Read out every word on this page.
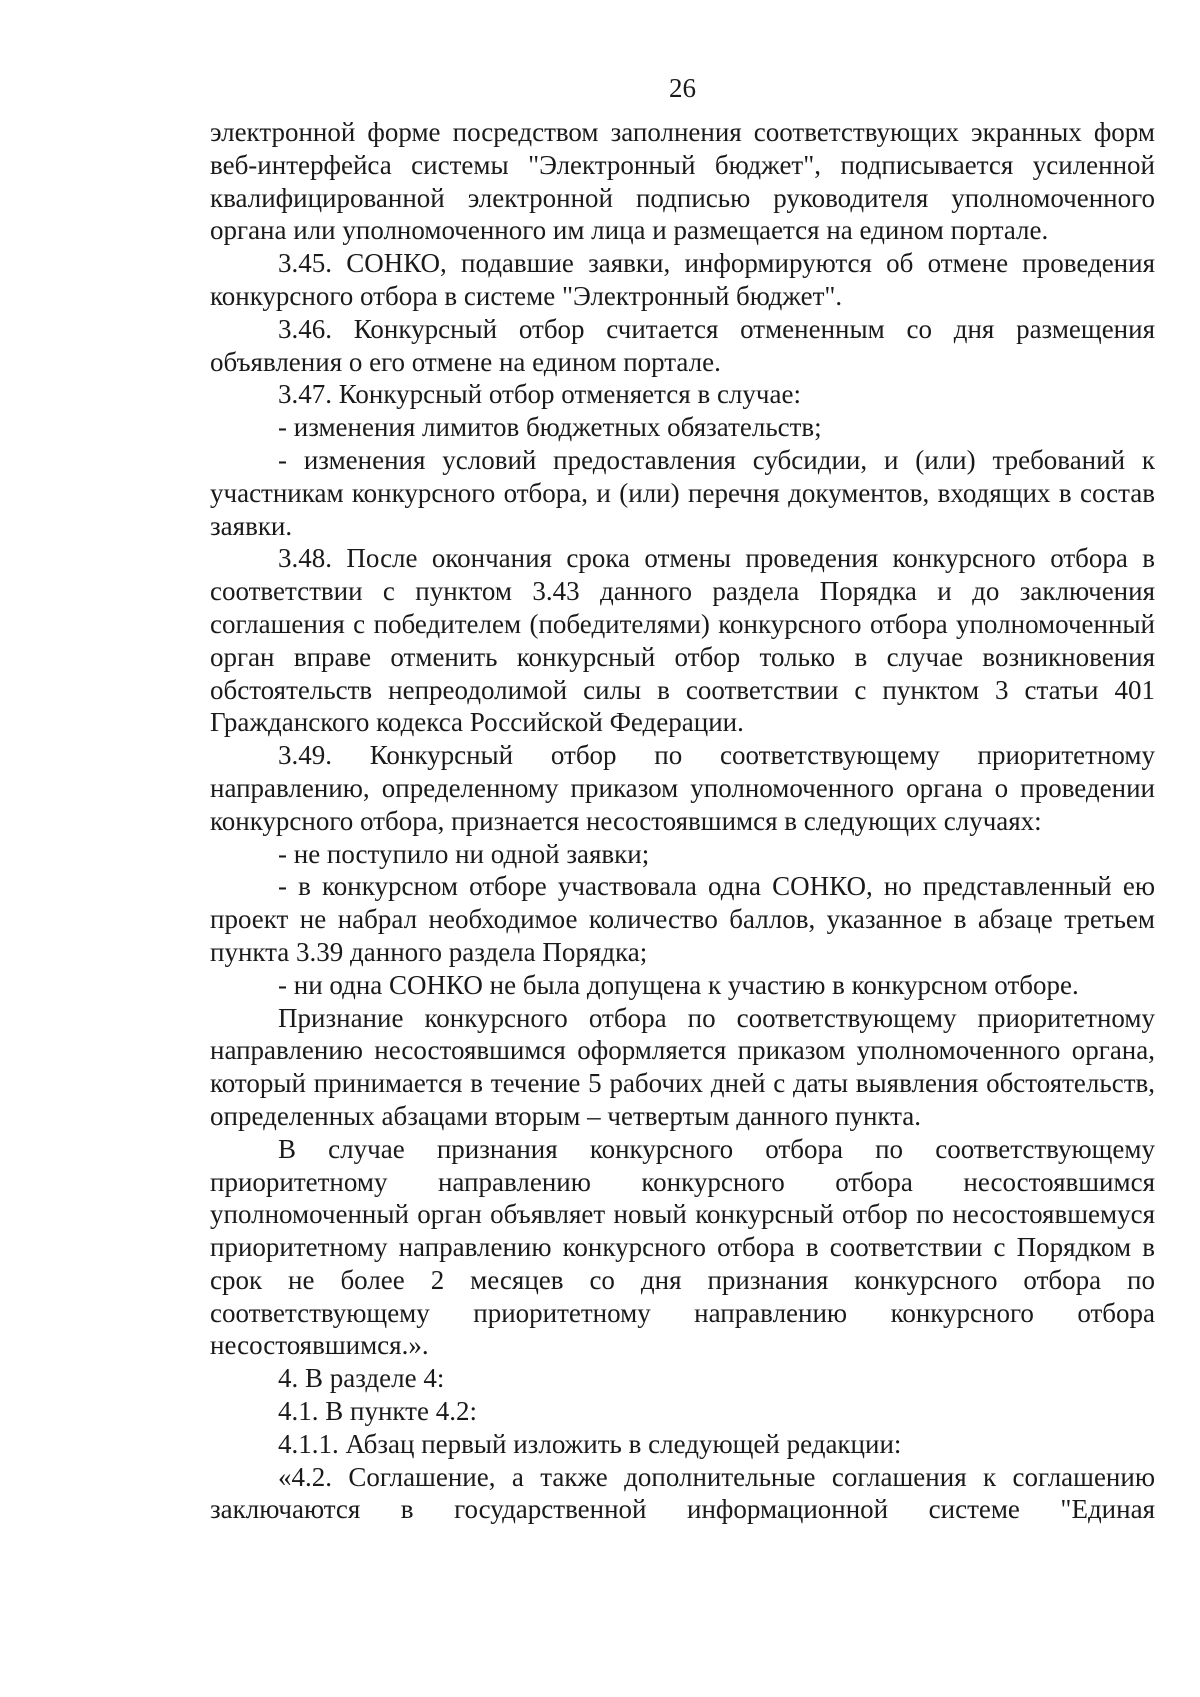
26

электронной форме посредством заполнения соответствующих экранных форм веб-интерфейса системы "Электронный бюджет", подписывается усиленной квалифицированной электронной подписью руководителя уполномоченного органа или уполномоченного им лица и размещается на едином портале.

3.45. СОНКО, подавшие заявки, информируются об отмене проведения конкурсного отбора в системе "Электронный бюджет".

3.46. Конкурсный отбор считается отмененным со дня размещения объявления о его отмене на едином портале.

3.47. Конкурсный отбор отменяется в случае:

- изменения лимитов бюджетных обязательств;

- изменения условий предоставления субсидии, и (или) требований к участникам конкурсного отбора, и (или) перечня документов, входящих в состав заявки.

3.48. После окончания срока отмены проведения конкурсного отбора в соответствии с пунктом 3.43 данного раздела Порядка и до заключения соглашения с победителем (победителями) конкурсного отбора уполномоченный орган вправе отменить конкурсный отбор только в случае возникновения обстоятельств непреодолимой силы в соответствии с пунктом 3 статьи 401 Гражданского кодекса Российской Федерации.

3.49. Конкурсный отбор по соответствующему приоритетному направлению, определенному приказом уполномоченного органа о проведении конкурсного отбора, признается несостоявшимся в следующих случаях:

- не поступило ни одной заявки;

- в конкурсном отборе участвовала одна СОНКО, но представленный ею проект не набрал необходимое количество баллов, указанное в абзаце третьем пункта 3.39 данного раздела Порядка;

- ни одна СОНКО не была допущена к участию в конкурсном отборе.

Признание конкурсного отбора по соответствующему приоритетному направлению несостоявшимся оформляется приказом уполномоченного органа, который принимается в течение 5 рабочих дней с даты выявления обстоятельств, определенных абзацами вторым – четвертым данного пункта.

В случае признания конкурсного отбора по соответствующему приоритетному направлению конкурсного отбора несостоявшимся уполномоченный орган объявляет новый конкурсный отбор по несостоявшемуся приоритетному направлению конкурсного отбора в соответствии с Порядком в срок не более 2 месяцев со дня признания конкурсного отбора по соответствующему приоритетному направлению конкурсного отбора несостоявшимся.».

4. В разделе 4:

4.1. В пункте 4.2:

4.1.1. Абзац первый изложить в следующей редакции:

«4.2. Соглашение, а также дополнительные соглашения к соглашению заключаются в государственной информационной системе "Единая
